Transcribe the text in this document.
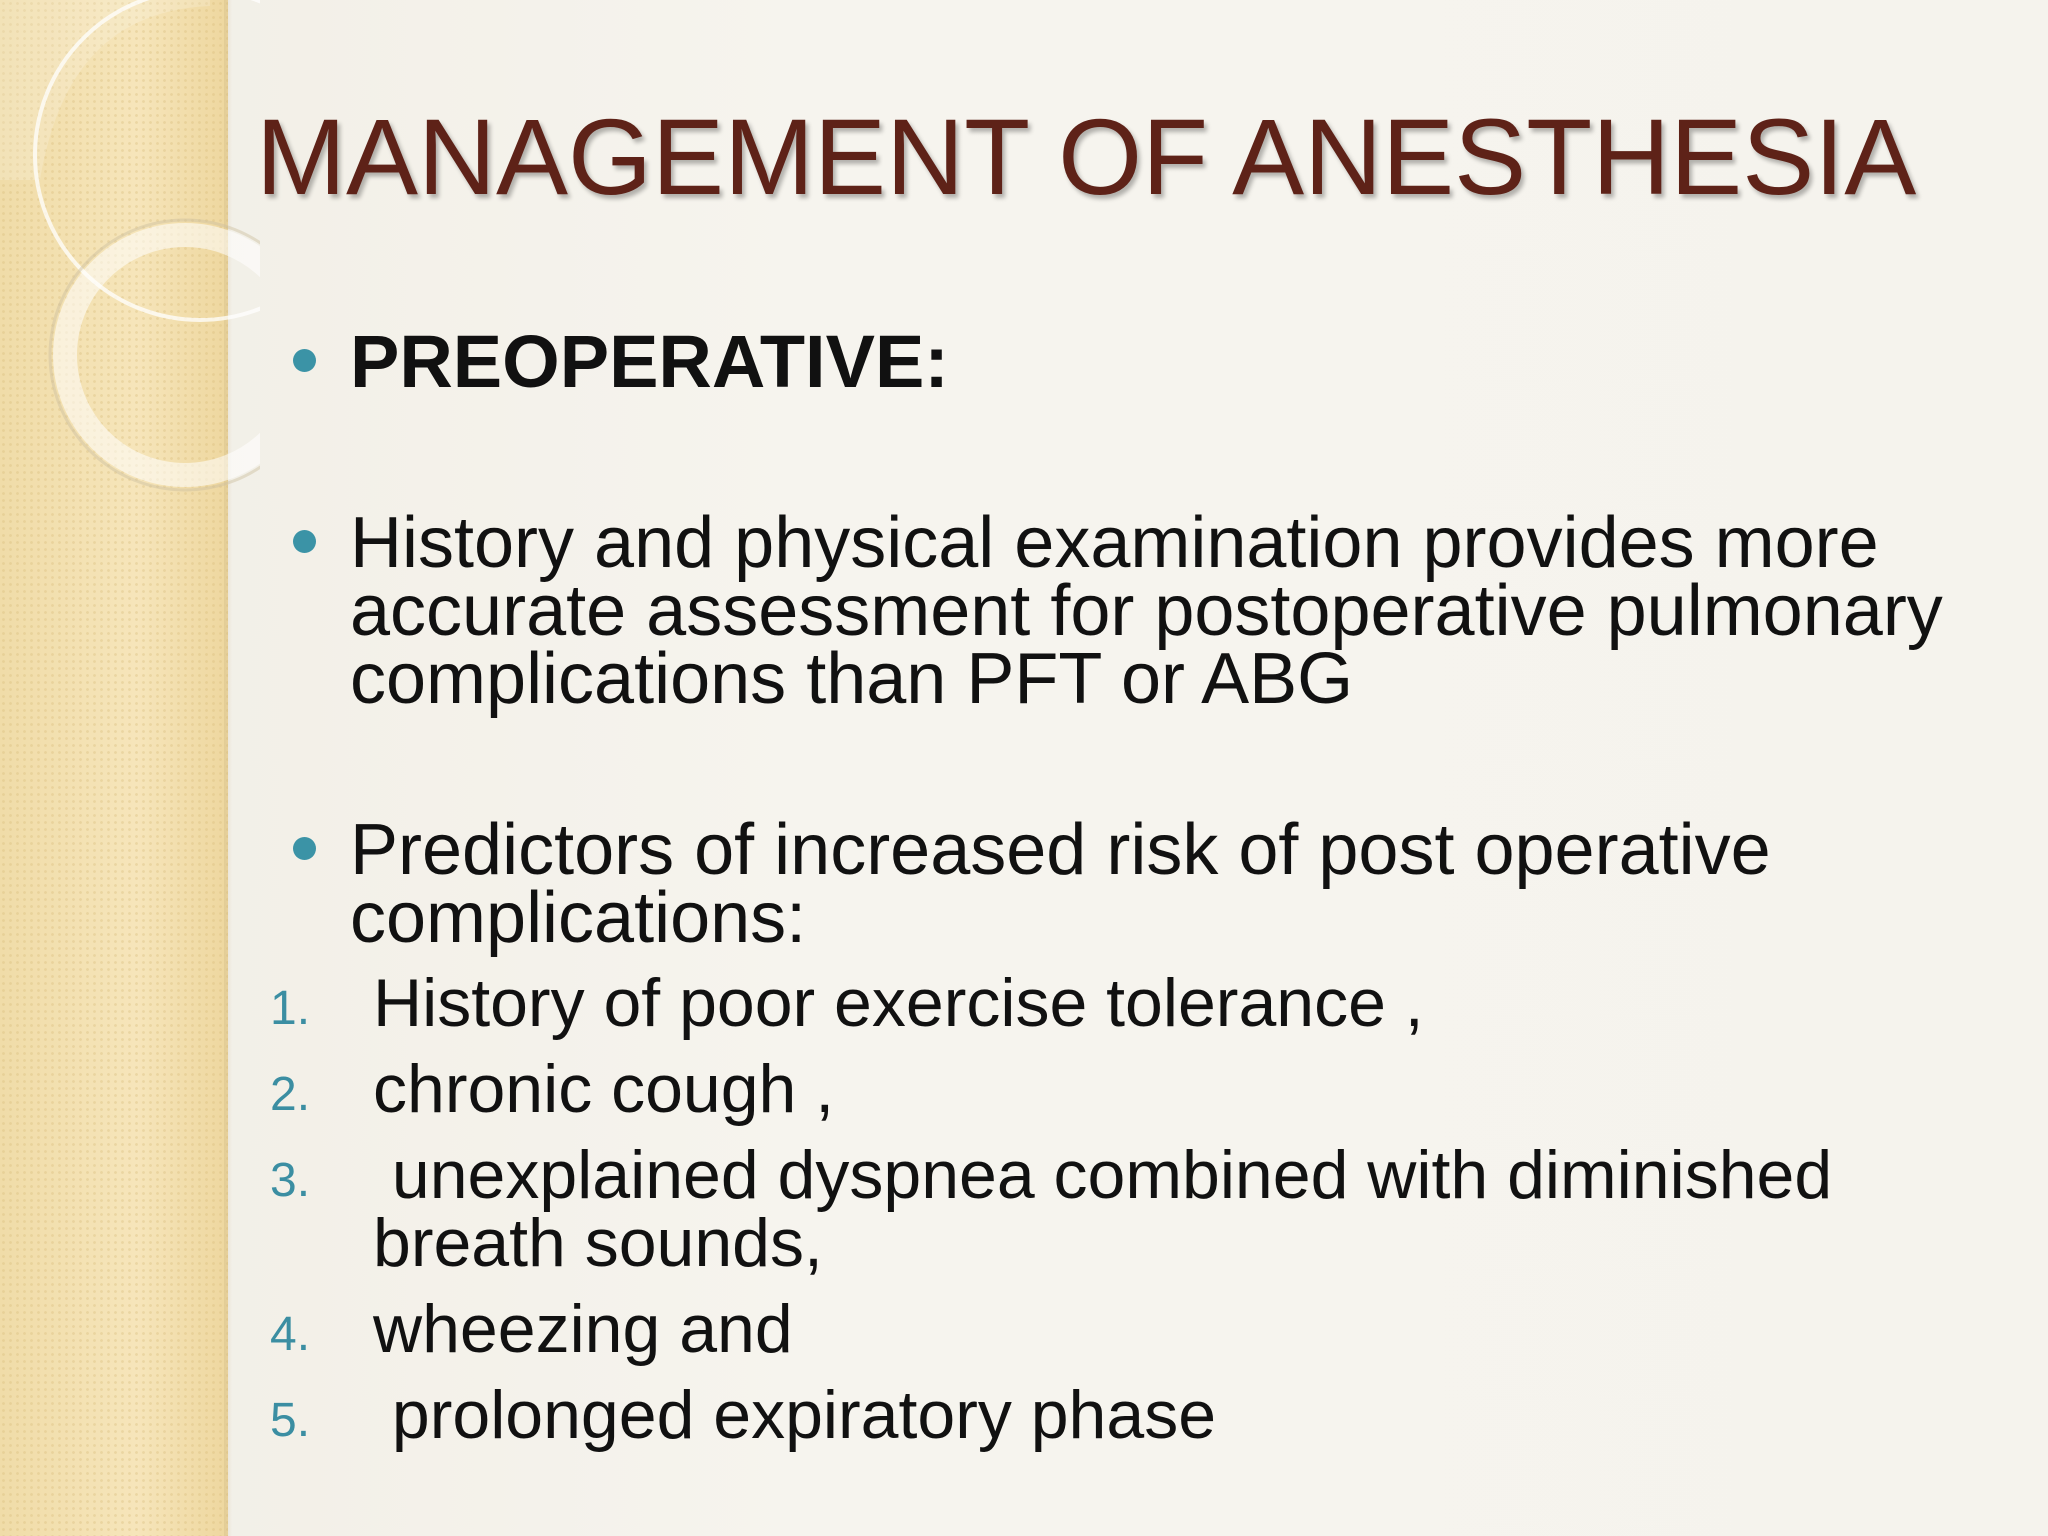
MANAGEMENT OF ANESTHESIA
PREOPERATIVE:
History and physical examination provides more accurate assessment for postoperative pulmonary complications than PFT or ABG
Predictors of increased risk of post operative complications:
1. History of poor exercise tolerance ,
2. chronic cough ,
3. unexplained dyspnea combined with diminished breath sounds,
4. wheezing and
5. prolonged expiratory phase
